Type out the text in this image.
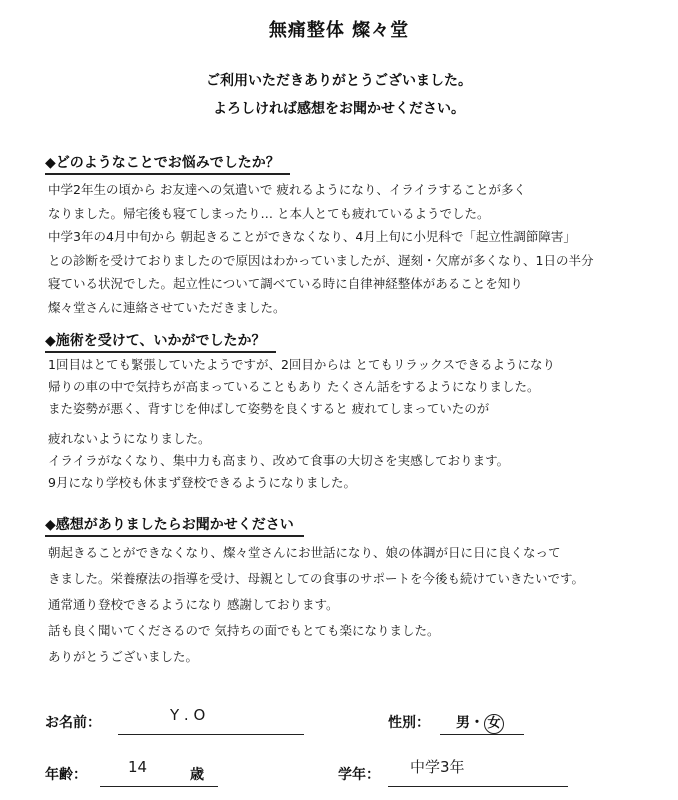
無痛整体 燦々堂
ご利用いただきありがとうございました。
よろしければ感想をお聞かせください。
◆どのようなことでお悩みでしたか？
中学2年生の頃から お友達への気遣いで 疲れるようになり、イライラすることが多く
なりました。帰宅後も寝てしまったり… と本人とても疲れているようでした。
中学3年の4月中旬から 朝起きることができなくなり、4月上旬に小児科で「起立性調節障害」
との診断を受けておりましたので原因はわかっていましたが、遅刻・欠席が多くなり、1日の半分
寝ている状況でした。起立性について調べている時に自律神経整体があることを知り
燦々堂さんに連絡させていただきました。
◆施術を受けて、いかがでしたか？
1回目はとても緊張していたようですが、2回目からは とてもリラックスできるようになり
帰りの車の中で気持ちが高まっていることもあり たくさん話をするようになりました。
また姿勢が悪く、背すじを伸ばして姿勢を良くすると 疲れてしまっていたのが
疲れないようになりました。
イライラがなくなり、集中力も高まり、改めて食事の大切さを実感しております。
9月になり学校も休まず登校できるようになりました。
◆感想がありましたらお聞かせください
朝起きることができなくなり、燦々堂さんにお世話になり、娘の体調が日に日に良くなって
きました。栄養療法の指導を受け、母親としての食事のサポートを今後も続けていきたいです。
通常通り登校できるようになり 感謝しております。
話も良く聞いてくださるので 気持ちの面でもとても楽になりました。
ありがとうございました。
お名前：	Y . O	性別： 男・ 女
年齢：	14	歳	学年： 中学3年
